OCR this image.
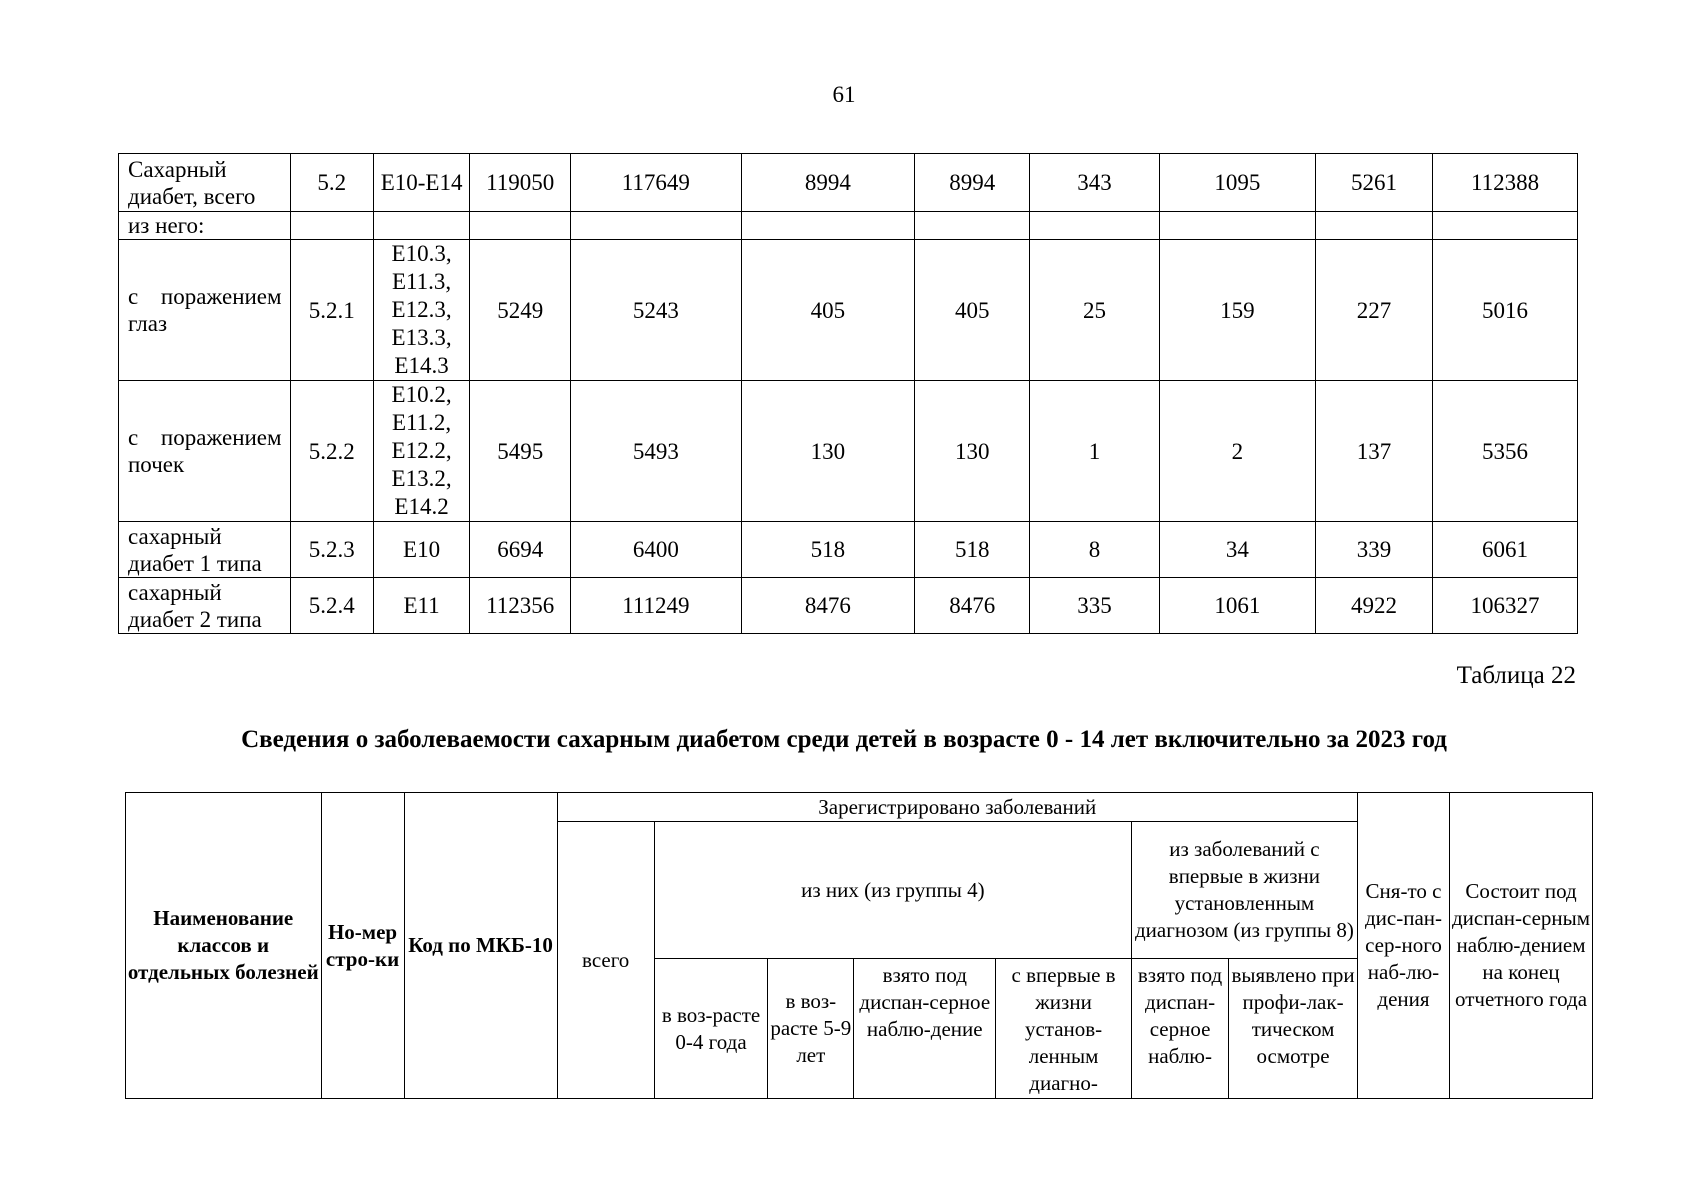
61
Сахарный диабет, всего	5.2	E10-E14	119050	117649	8994	8994	343	1095	5261	112388
из него:										
с поражением глаз	5.2.1	E10.3, E11.3, E12.3, E13.3, E14.3	5249	5243	405	405	25	159	227	5016
с поражением почек	5.2.2	E10.2, E11.2, E12.2, E13.2, E14.2	5495	5493	130	130	1	2	137	5356
сахарный диабет 1 типа	5.2.3	E10	6694	6400	518	518	8	34	339	6061
сахарный диабет 2 типа	5.2.4	E11	112356	111249	8476	8476	335	1061	4922	106327
Таблица 22
Сведения о заболеваемости сахарным диабетом среди детей в возрасте 0 - 14 лет включительно за 2023 год
Наименование классов и отдельных болезней	Но-мер стро-ки	Код по МКБ-10	Зарегистрировано заболеваний							Сня-то с дис-пан-сер-ного наб-лю-дения	Состоит под диспан-серным наблю-дением на конец отчетного года
			всего	из них (из группы 4)				из заболеваний с впервые в жизни установленным диагнозом (из группы 8)			
				в воз-расте 0-4 года	в воз-расте 5-9 лет	взято под диспан-серное наблю-дение	с впервые в жизни установ-ленным диагно-	взято под диспан-серное наблю-	выявлено при профи-лак-тическом осмотре		
